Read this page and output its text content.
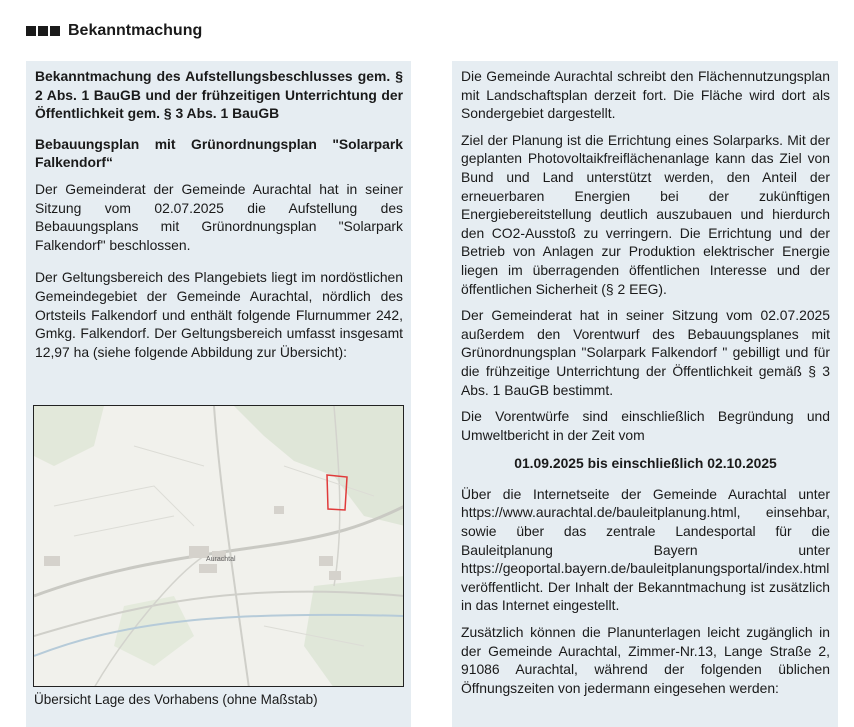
Bekanntmachung

Bekanntmachung des Aufstellungsbeschlusses gem. § 2 Abs. 1 BauGB und der frühzeitigen Unterrichtung der Öffentlichkeit gem. § 3 Abs. 1 BauGB

Bebauungsplan mit Grünordnungsplan "Solarpark Falkendorf“

Der Gemeinderat der Gemeinde Aurachtal hat in seiner Sitzung vom 02.07.2025 die Aufstellung des Bebauungsplans mit Grünordnungsplan "Solarpark Falkendorf" beschlossen.

Der Geltungsbereich des Plangebiets liegt im nordöstlichen Gemeindegebiet der Gemeinde Aurachtal, nördlich des Ortsteils Falkendorf und enthält folgende Flurnummer 242, Gmkg. Falkendorf. Der Geltungsbereich umfasst insgesamt 12,97 ha (siehe folgende Abbildung zur Übersicht):

Aurachtal
Übersicht Lage des Vorhabens (ohne Maßstab)

Die Gemeinde Aurachtal schreibt den Flächennutzungsplan mit Landschaftsplan derzeit fort. Die Fläche wird dort als Sondergebiet dargestellt.

Ziel der Planung ist die Errichtung eines Solarparks. Mit der geplanten Photovoltaikfreiflächenanlage kann das Ziel von Bund und Land unterstützt werden, den Anteil der erneuerbaren Energien bei der zukünftigen Energiebereitstellung deutlich auszubauen und hierdurch den CO2-Ausstoß zu verringern. Die Errichtung und der Betrieb von Anlagen zur Produktion elektrischer Energie liegen im überragenden öffentlichen Interesse und der öffentlichen Sicherheit (§ 2 EEG).

Der Gemeinderat hat in seiner Sitzung vom 02.07.2025 außerdem den Vorentwurf des Bebauungsplanes mit Grünordnungsplan "Solarpark Falkendorf " gebilligt und für die frühzeitige Unterrichtung der Öffentlichkeit gemäß § 3 Abs. 1 BauGB bestimmt.

Die Vorentwürfe sind einschließlich Begründung und Umweltbericht in der Zeit vom

01.09.2025 bis einschließlich 02.10.2025

Über die Internetseite der Gemeinde Aurachtal unter https://www.aurachtal.de/bauleitplanung.html, einsehbar, sowie über das zentrale Landesportal für die Bauleitplanung Bayern unter https://geoportal.bayern.de/bauleitplanungsportal/index.html veröffentlicht. Der Inhalt der Bekanntmachung ist zusätzlich in das Internet eingestellt.

Zusätzlich können die Planunterlagen leicht zugänglich in der Gemeinde Aurachtal, Zimmer-Nr.13, Lange Straße 2, 91086 Aurachtal, während der folgenden üblichen Öffnungszeiten von jedermann eingesehen werden:
